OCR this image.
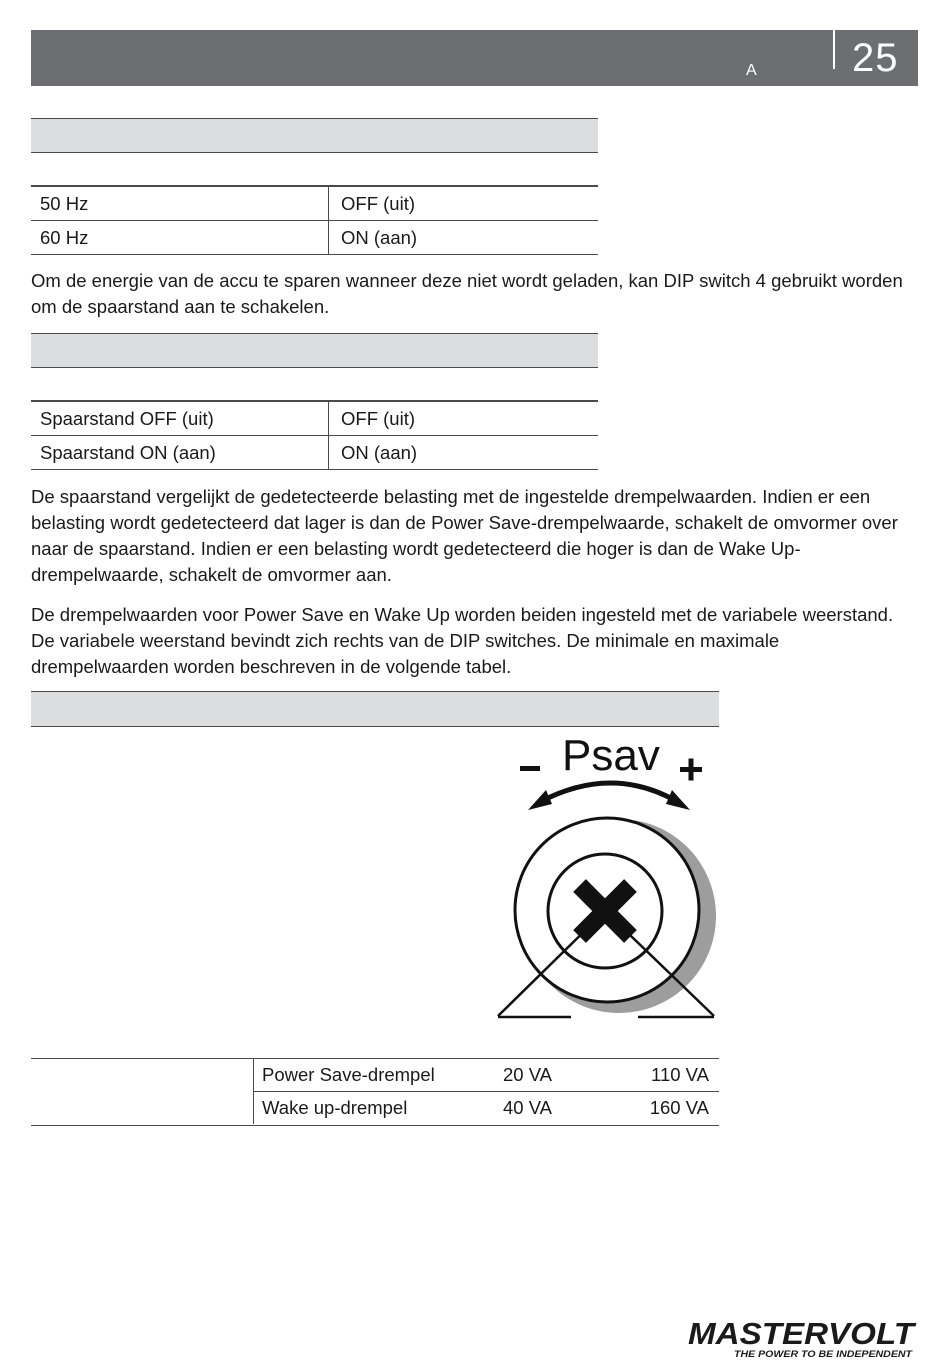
A 25
50 Hz	OFF (uit)
60 Hz	ON (aan)

Om de energie van de accu te sparen wanneer deze niet wordt geladen, kan DIP switch 4 gebruikt worden om de spaarstand aan te schakelen.

Spaarstand OFF (uit)	OFF (uit)
Spaarstand ON (aan)	ON (aan)

De spaarstand vergelijkt de gedetecteerde belasting met de ingestelde drempelwaarden. Indien er een belasting wordt gedetecteerd dat lager is dan de Power Save-drempelwaarde, schakelt de omvormer over naar de spaarstand. Indien er een belasting wordt gedetecteerd die hoger is dan de Wake Up-drempelwaarde, schakelt de omvormer aan.

De drempelwaarden voor Power Save en Wake Up worden beiden ingesteld met de variabele weerstand. De variabele weerstand bevindt zich rechts van de DIP switches. De minimale en maximale drempelwaarden worden beschreven in de volgende tabel.

Psav
Power Save-drempel	20 VA	110 VA
Wake up-drempel	40 VA	160 VA
MASTERVOLT
THE POWER TO BE INDEPENDENT
